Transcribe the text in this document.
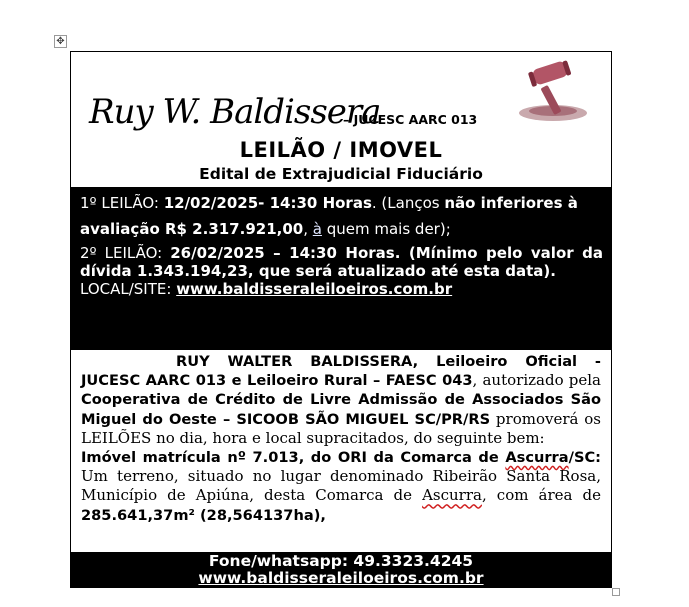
✥
Ruy W. Baldissera
– JUCESC AARC 013
LEILÃO / IMOVEL
Edital de Extrajudicial Fiduciário
1º LEILÃO: 12/02/2025- 14:30 Horas. (Lanços não inferiores à avaliação R$ 2.317.921,00, à quem mais der);
2º LEILÃO: 26/02/2025 – 14:30 Horas. (Mínimo pelo valor da dívida 1.343.194,23, que será atualizado até esta data).
LOCAL/SITE: www.baldisseraleiloeiros.com.br
RUY WALTER BALDISSERA, Leiloeiro Oficial - JUCESC AARC 013 e Leiloeiro Rural – FAESC 043, autorizado pela Cooperativa de Crédito de Livre Admissão de Associados São Miguel do Oeste – SICOOB SÃO MIGUEL SC/PR/RS promoverá os LEILÕES no dia, hora e local supracitados, do seguinte bem:
Imóvel matrícula nº 7.013, do ORI da Comarca de Ascurra/SC: Um terreno, situado no lugar denominado Ribeirão Santa Rosa, Município de Apiúna, desta Comarca de Ascurra, com área de 285.641,37m² (28,564137ha),
Fone/whatsapp: 49.3323.4245
www.baldisseraleiloeiros.com.br
